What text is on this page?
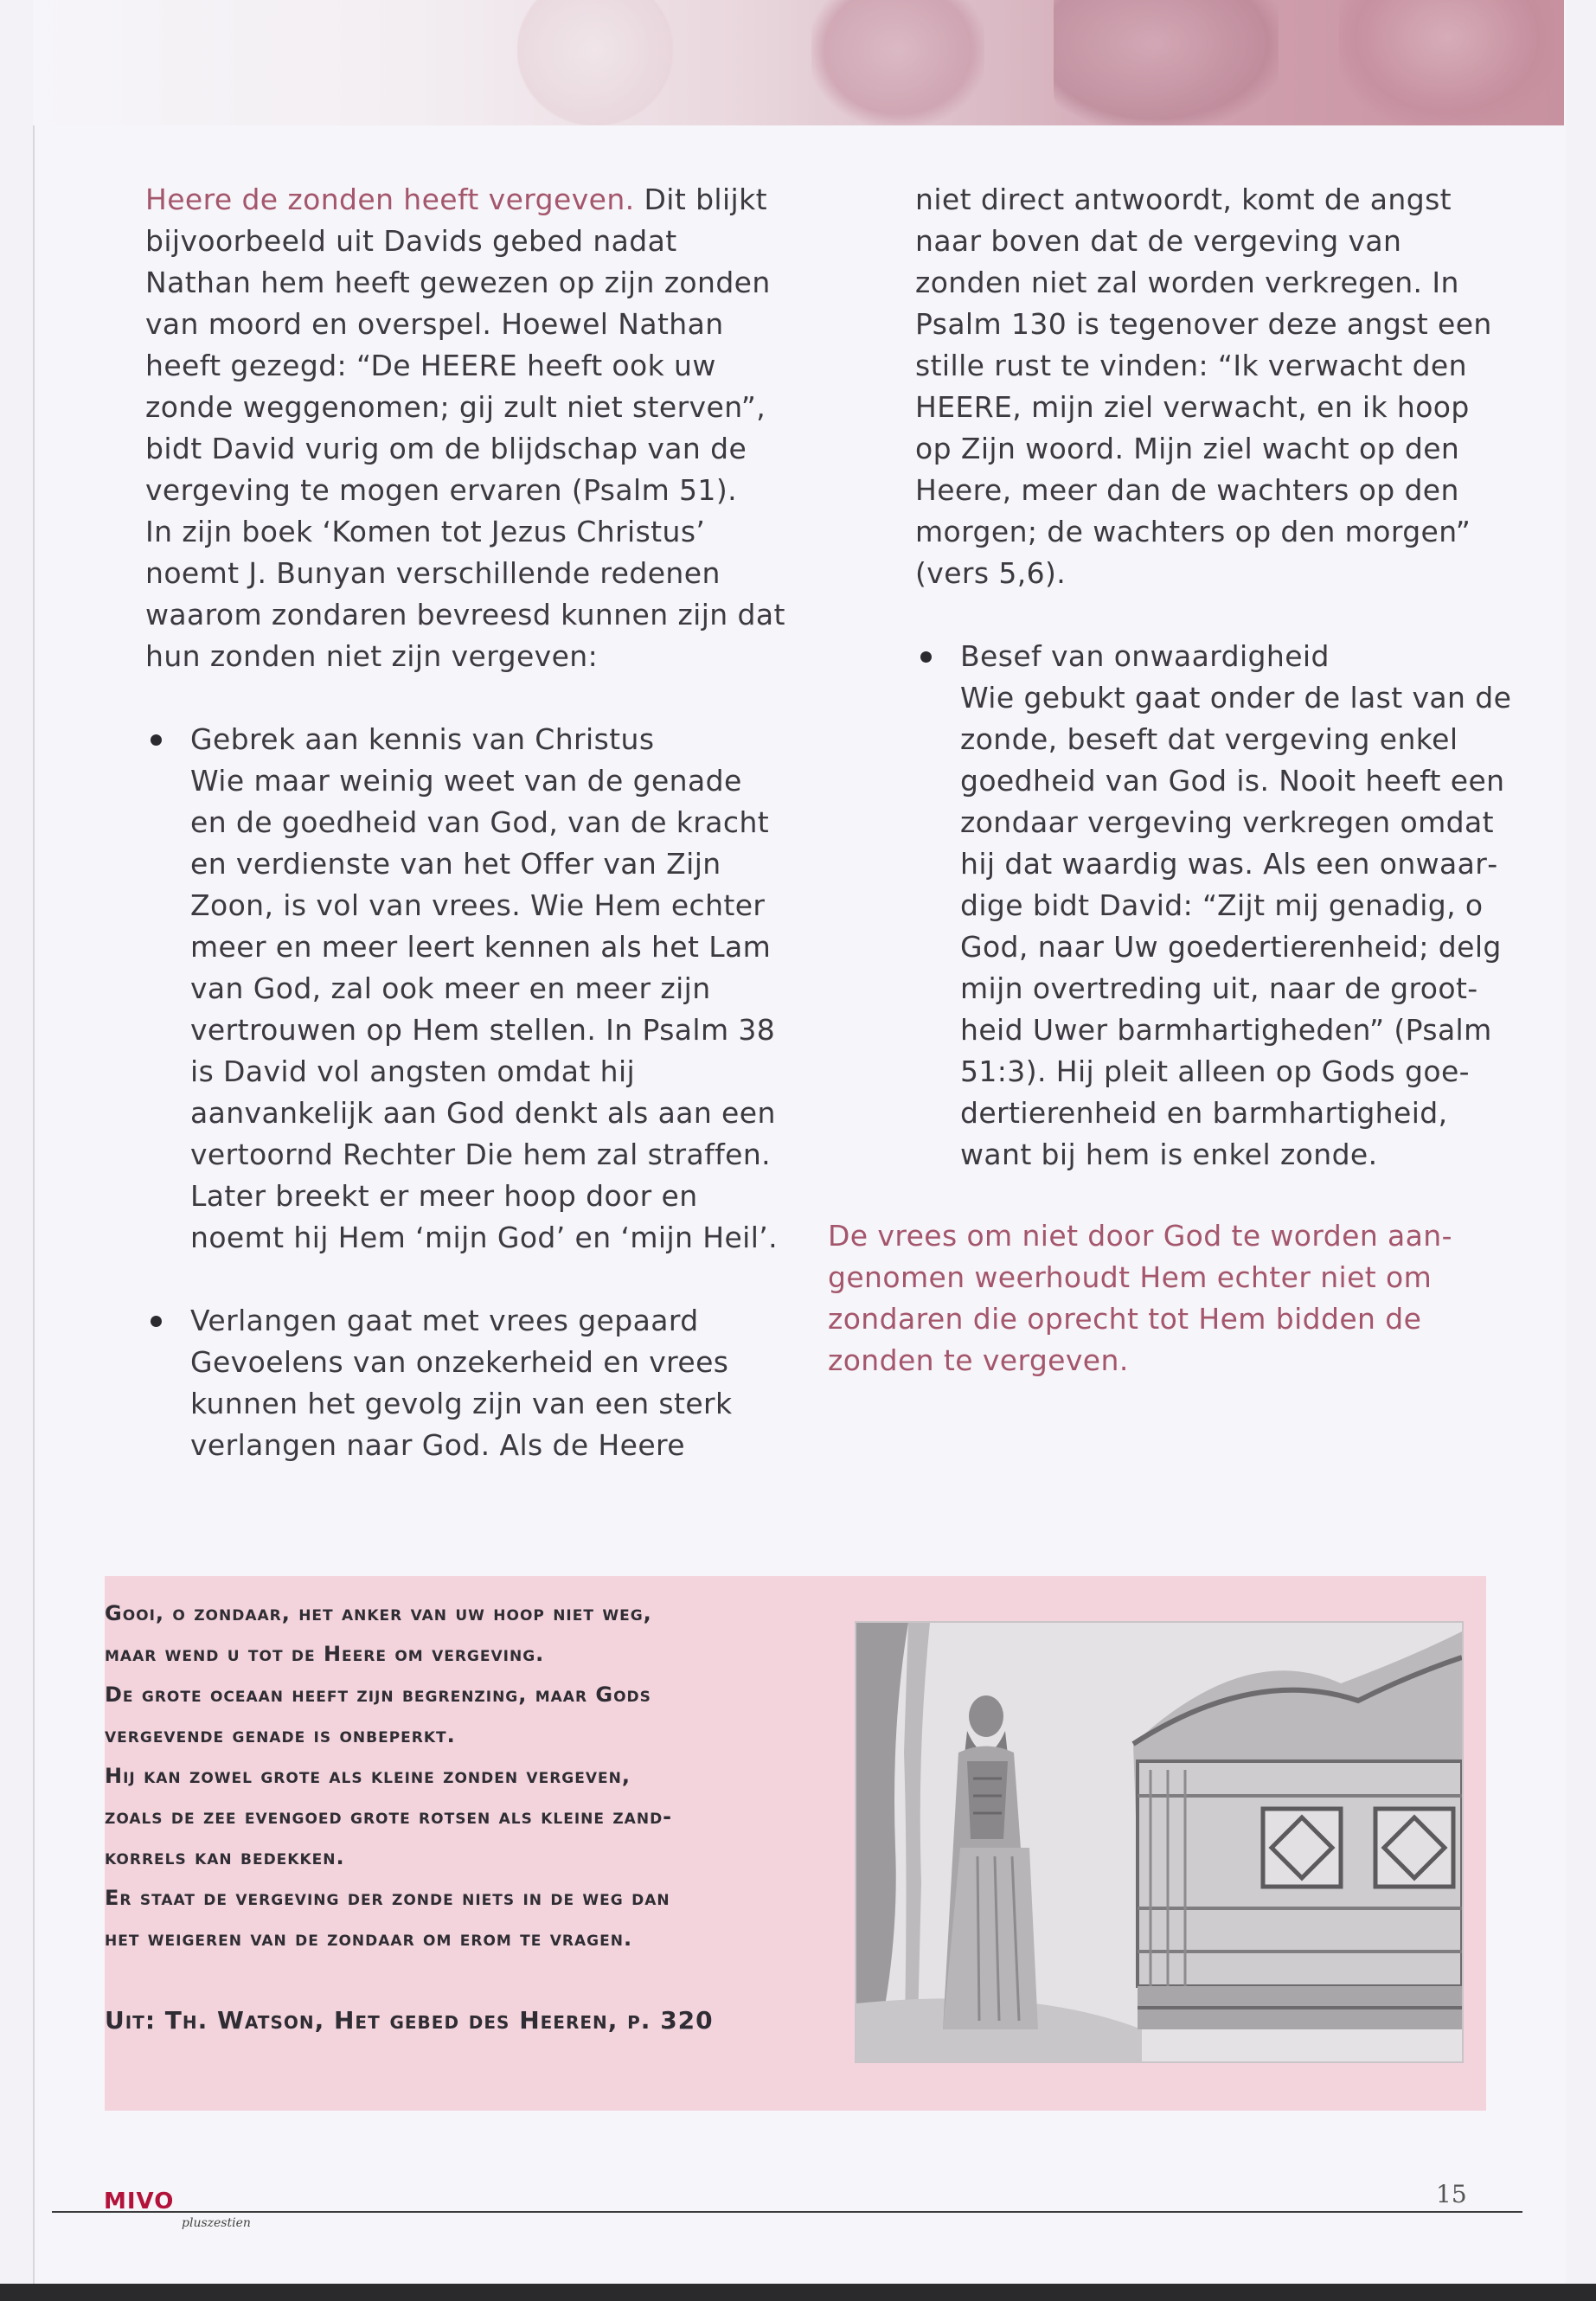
Heere de zonden heeft vergeven. Dit blijkt bijvoorbeeld uit Davids gebed nadat Nathan hem heeft gewezen op zijn zonden van moord en overspel. Hoewel Nathan heeft gezegd: “De HEERE heeft ook uw zonde weggenomen; gij zult niet sterven”, bidt David vurig om de blijdschap van de vergeving te mogen ervaren (Psalm 51).

In zijn boek ‘Komen tot Jezus Christus’ noemt J. Bunyan verschillende redenen waarom zondaren bevreesd kunnen zijn dat hun zonden niet zijn vergeven:

Gebrek aan kennis van Christus

Wie maar weinig weet van de genade en de goedheid van God, van de kracht en verdienste van het Offer van Zijn Zoon, is vol van vrees. Wie Hem echter meer en meer leert kennen als het Lam van God, zal ook meer en meer zijn vertrouwen op Hem stellen. In Psalm 38 is David vol angsten omdat hij aanvankelijk aan God denkt als aan een vertoornd Rechter Die hem zal straffen. Later breekt er meer hoop door en noemt hij Hem ‘mijn God’ en ‘mijn Heil’.

Verlangen gaat met vrees gepaard

Gevoelens van onzekerheid en vrees kunnen het gevolg zijn van een sterk verlangen naar God. Als de Heere

niet direct antwoordt, komt de angst naar boven dat de vergeving van zonden niet zal worden verkregen. In Psalm 130 is tegenover deze angst een stille rust te vinden: “Ik verwacht den HEERE, mijn ziel verwacht, en ik hoop op Zijn woord. Mijn ziel wacht op den Heere, meer dan de wachters op den morgen; de wachters op den morgen” (vers 5,6).

Besef van onwaardigheid

Wie gebukt gaat onder de last van de zonde, beseft dat vergeving enkel goedheid van God is. Nooit heeft een zondaar vergeving verkregen omdat hij dat waardig was. Als een onwaardige bidt David: “Zijt mij genadig, o God, naar Uw goedertierenheid; delg mijn overtreding uit, naar de grootheid Uwer barmhartigheden” (Psalm 51:3). Hij pleit alleen op Gods goedertierenheid en barmhartigheid, want bij hem is enkel zonde.

De vrees om niet door God te worden aangenomen weerhoudt Hem echter niet om zondaren die oprecht tot Hem bidden de zonden te vergeven.

Gooi, o zondaar, het anker van uw hoop niet weg,

maar wend u tot de Heere om vergeving.

De grote oceaan heeft zijn begrenzing, maar Gods

vergevende genade is onbeperkt.

Hij kan zowel grote als kleine zonden vergeven,

zoals de zee evengoed grote rotsen als kleine zand-

korrels kan bedekken.

Er staat de vergeving der zonde niets in de weg dan

het weigeren van de zondaar om erom te vragen.

Uit: Th. Watson, Het gebed des Heeren, p. 320

MIVO
pluszestien
15
